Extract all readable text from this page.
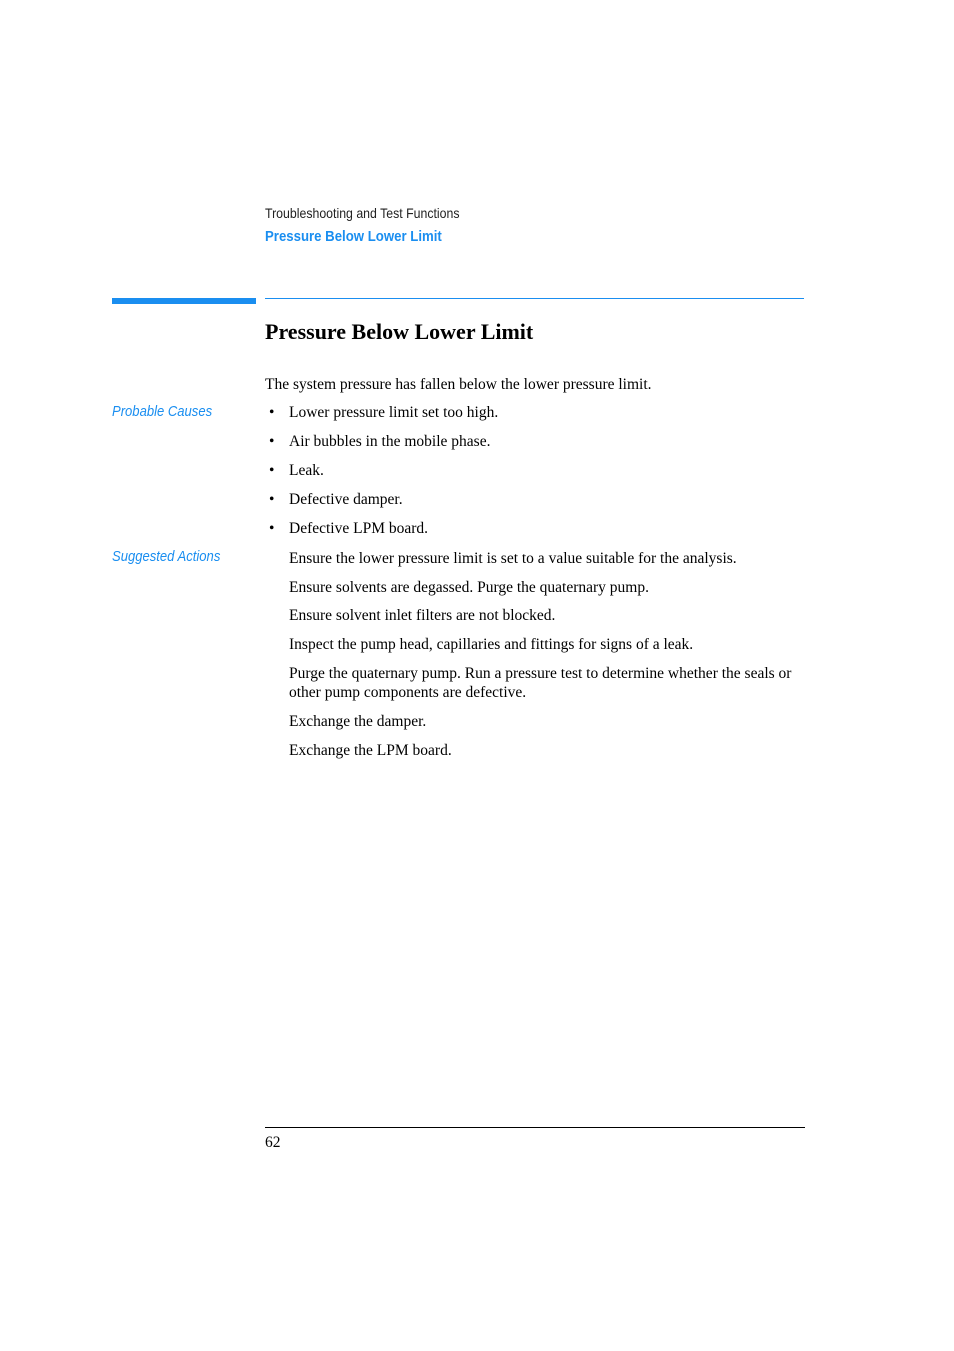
Troubleshooting and Test Functions
Pressure Below Lower Limit
Pressure Below Lower Limit
The system pressure has fallen below the lower pressure limit.
Probable Causes	• Lower pressure limit set too high.
• Air bubbles in the mobile phase.
• Leak.
• Defective damper.
• Defective LPM board.
Suggested Actions	Ensure the lower pressure limit is set to a value suitable for the analysis.
Ensure solvents are degassed. Purge the quaternary pump.
Ensure solvent inlet filters are not blocked.
Inspect the pump head, capillaries and fittings for signs of a leak.
Purge the quaternary pump. Run a pressure test to determine whether the seals or other pump components are defective.
Exchange the damper.
Exchange the LPM board.
62
